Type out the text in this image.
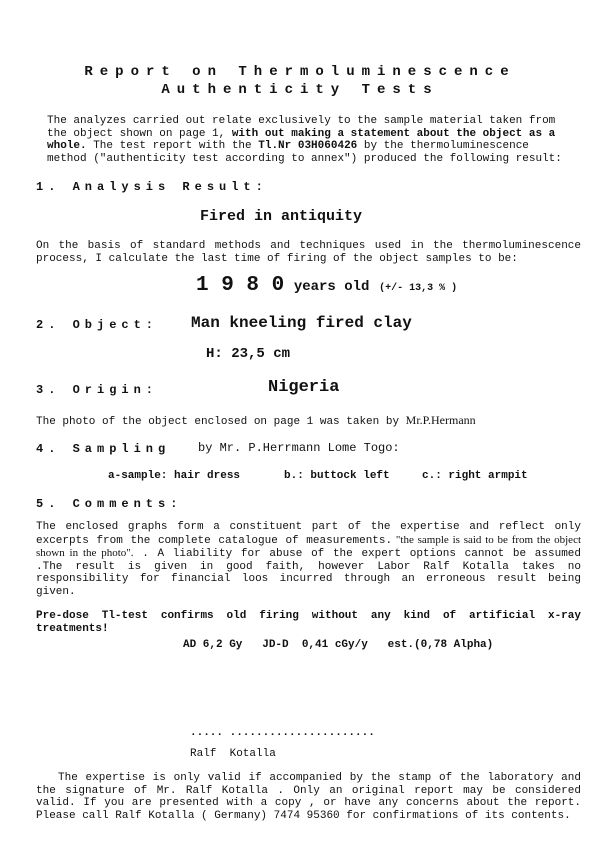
Report on Thermoluminescence
Authenticity Tests
The analyzes carried out relate exclusively to the sample material taken from the object shown on page 1, with out making a statement about the object as a whole. The test report with the Tl.Nr 03H060426 by the thermoluminescence method ("authenticity test according to annex") produced the following result:
1. Analysis Result:
Fired in antiquity
On the basis of standard methods and techniques used in the thermoluminescence process, I calculate the last time of firing of the object samples to be:
1 9 8 0 years old (+/- 13,3 % )
2. Object: Man kneeling fired clay
H: 23,5 cm
3. Origin:	Nigeria
The photo of the object enclosed on page 1 was taken by Mr.P.Hermann
4. Sampling by Mr. P.Herrmann Lome Togo:
a-sample: hair dress	b.: buttock left	c.: right armpit
5. Comments:
The enclosed graphs form a constituent part of the expertise and reflect only excerpts from the complete catalogue of measurements. "the sample is said to be from the object shown in the photo". . A liability for abuse of the expert options cannot be assumed .The result is given in good faith, however Labor Ralf Kotalla takes no responsibility for financial loos incurred through an erroneous result being given.
Pre-dose Tl-test confirms old firing without any kind of artificial x-ray treatments!
AD 6,2 Gy   JD-D  0,41 cGy/y   est.(0,78 Alpha)
..... ......................
Ralf  Kotalla
The expertise is only valid if accompanied by the stamp of the laboratory and the signature of Mr. Ralf Kotalla . Only an original report may be considered valid. If you are presented with a copy , or have any concerns about the report. Please call Ralf Kotalla ( Germany) 7474 95360 for confirmations of its contents.
